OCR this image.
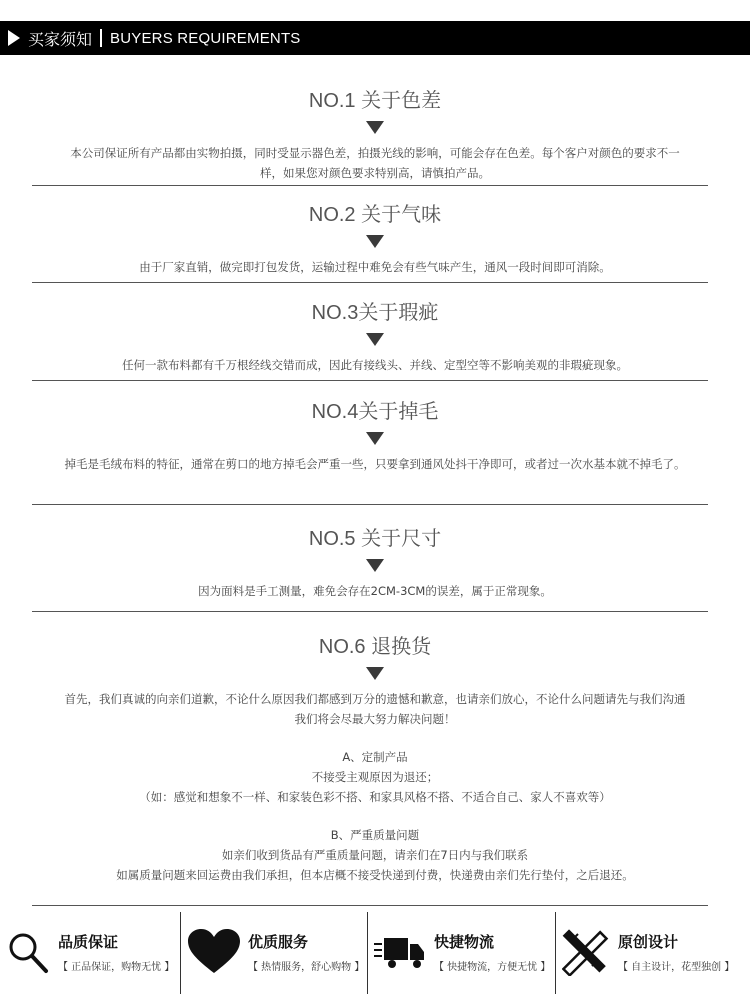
买家须知 BUYERS REQUIREMENTS
NO.1 关于色差
本公司保证所有产品都由实物拍摄，同时受显示器色差，拍摄光线的影响，可能会存在色差。每个客户对颜色的要求不一样，如果您对颜色要求特别高，请慎拍产品。
NO.2 关于气味
由于厂家直销，做完即打包发货，运输过程中难免会有些气味产生，通风一段时间即可消除。
NO.3关于瑕疵
任何一款布料都有千万根经线交错而成，因此有接线头、并线、定型空等不影响美观的非瑕疵现象。
NO.4关于掉毛
掉毛是毛绒布料的特征，通常在剪口的地方掉毛会严重一些，只要拿到通风处抖干净即可，或者过一次水基本就不掉毛了。
NO.5 关于尺寸
因为面料是手工测量，难免会存在2CM-3CM的误差，属于正常现象。
NO.6 退换货
首先，我们真诚的向亲们道歉，不论什么原因我们都感到万分的遗憾和歉意，也请亲们放心，不论什么问题请先与我们沟通我们将会尽最大努力解决问题！
A、定制产品
不接受主观原因为退还；
（如：感觉和想象不一样、和家装色彩不搭、和家具风格不搭、不适合自己、家人不喜欢等）
B、严重质量问题
如亲们收到货品有严重质量问题，请亲们在7日内与我们联系
如属质量问题来回运费由我们承担，但本店概不接受快递到付费，快递费由亲们先行垫付，之后退还。
品质保证
【 正品保证，购物无忧 】
优质服务
【 热情服务，舒心购物 】
快捷物流
【 快捷物流，方便无忧 】
原创设计
【 自主设计，花型独创 】
